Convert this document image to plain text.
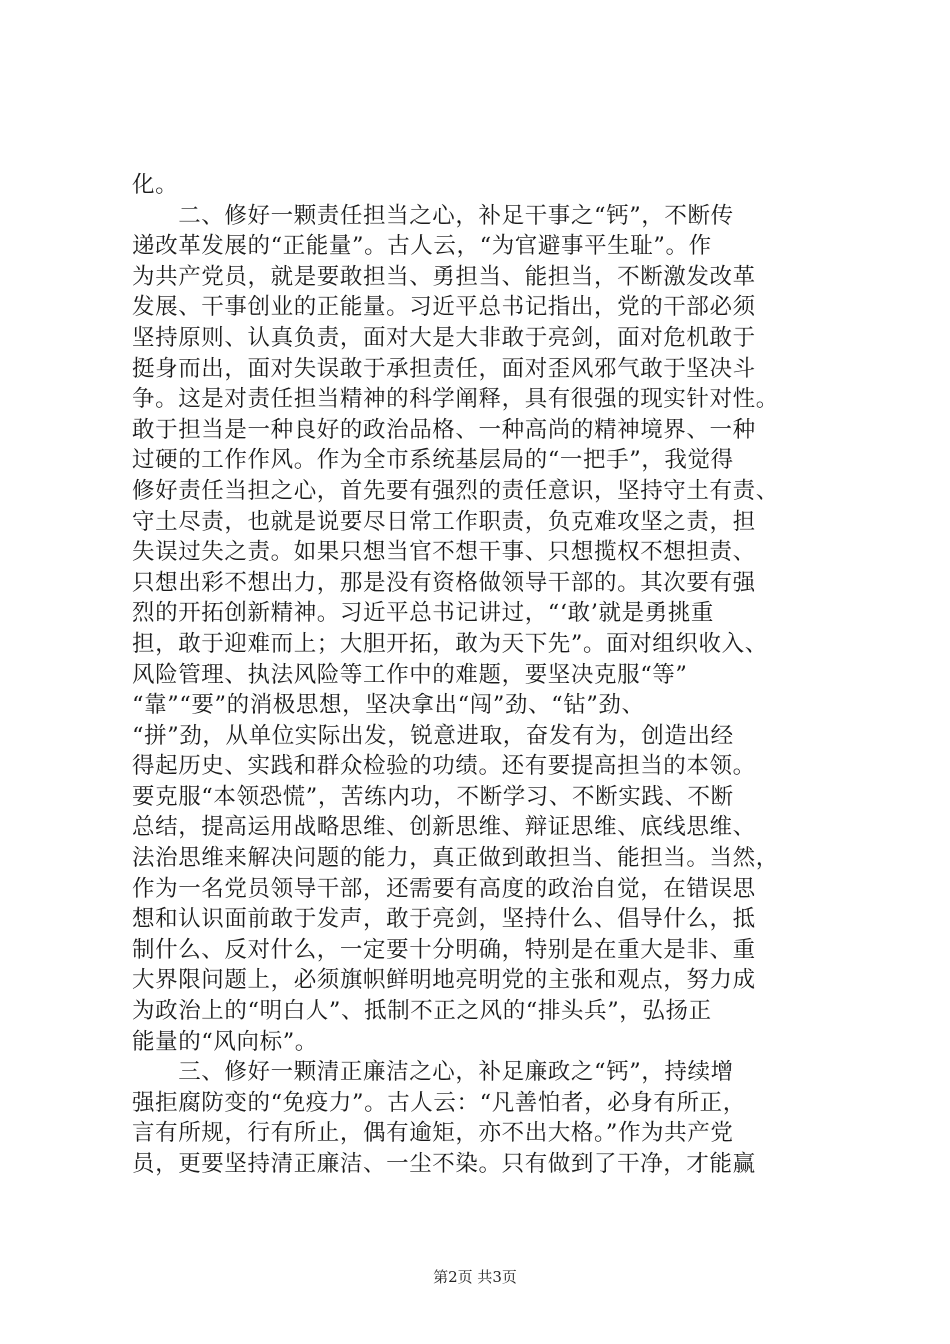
化。
　　二、修好一颗责任担当之心，补足干事之“钙”，不断传
递改革发展的“正能量”。古人云，“为官避事平生耻”。作
为共产党员，就是要敢担当、勇担当、能担当，不断激发改革
发展、干事创业的正能量。习近平总书记指出，党的干部必须
坚持原则、认真负责，面对大是大非敢于亮剑，面对危机敢于
挺身而出，面对失误敢于承担责任，面对歪风邪气敢于坚决斗
争。这是对责任担当精神的科学阐释，具有很强的现实针对性。
敢于担当是一种良好的政治品格、一种高尚的精神境界、一种
过硬的工作作风。作为全市系统基层局的“一把手”，我觉得
修好责任当担之心，首先要有强烈的责任意识，坚持守土有责、
守土尽责，也就是说要尽日常工作职责，负克难攻坚之责，担
失误过失之责。如果只想当官不想干事、只想揽权不想担责、
只想出彩不想出力，那是没有资格做领导干部的。其次要有强
烈的开拓创新精神。习近平总书记讲过，“‘敢’就是勇挑重
担，敢于迎难而上；大胆开拓，敢为天下先”。面对组织收入、
风险管理、执法风险等工作中的难题，要坚决克服“等”
“靠”“要”的消极思想，坚决拿出“闯”劲、“钻”劲、
“拼”劲，从单位实际出发，锐意进取，奋发有为，创造出经
得起历史、实践和群众检验的功绩。还有要提高担当的本领。
要克服“本领恐慌”，苦练内功，不断学习、不断实践、不断
总结，提高运用战略思维、创新思维、辩证思维、底线思维、
法治思维来解决问题的能力，真正做到敢担当、能担当。当然，
作为一名党员领导干部，还需要有高度的政治自觉，在错误思
想和认识面前敢于发声，敢于亮剑，坚持什么、倡导什么，抵
制什么、反对什么，一定要十分明确，特别是在重大是非、重
大界限问题上，必须旗帜鲜明地亮明党的主张和观点，努力成
为政治上的“明白人”、抵制不正之风的“排头兵”，弘扬正
能量的“风向标”。
　　三、修好一颗清正廉洁之心，补足廉政之“钙”，持续增
强拒腐防变的“免疫力”。古人云：“凡善怕者，必身有所正，
言有所规，行有所止，偶有逾矩，亦不出大格。”作为共产党
员，更要坚持清正廉洁、一尘不染。只有做到了干净，才能赢
第2页 共3页
